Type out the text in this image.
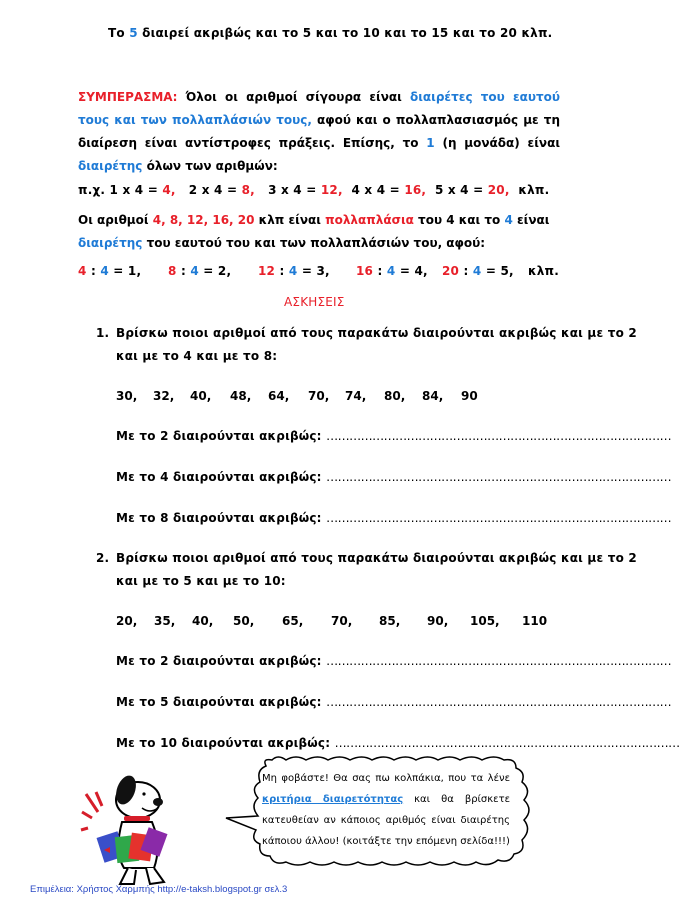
Το 5 διαιρεί ακριβώς και το 5 και το 10 και το 15 και το 20 κλπ.
ΣΥΜΠΕΡΑΣΜΑ: Όλοι οι αριθμοί σίγουρα είναι διαιρέτες του εαυτού τους και των πολλαπλάσιών τους, αφού και ο πολλαπλασιασμός με τη διαίρεση είναι αντίστροφες πράξεις. Επίσης, το 1 (η μονάδα) είναι διαιρέτης όλων των αριθμών:
π.χ. 1 x 4 = 4, 2 x 4 = 8, 3 x 4 = 12, 4 x 4 = 16, 5 x 4 = 20, κλπ.
Οι αριθμοί 4, 8, 12, 16, 20 κλπ είναι πολλαπλάσια του 4 και το 4 είναι
διαιρέτης του εαυτού του και των πολλαπλάσιών του, αφού:
4 : 4 = 1, 8 : 4 = 2, 12 : 4 = 3, 16 : 4 = 4, 20 : 4 = 5, κλπ.
ΑΣΚΗΣΕΙΣ
1. Βρίσκω ποιοι αριθμοί από τους παρακάτω διαιρούνται ακριβώς και με το 2
και με το 4 και με το 8:
30, 32, 40, 48, 64, 70, 74, 80, 84, 90
Με το 2 διαιρούνται ακριβώς: ………………………………………………………………………………
Με το 4 διαιρούνται ακριβώς: ………………………………………………………………………………
Με το 8 διαιρούνται ακριβώς: ………………………………………………………………………………
2. Βρίσκω ποιοι αριθμοί από τους παρακάτω διαιρούνται ακριβώς και με το 2
και με το 5 και με το 10:
20, 35, 40, 50, 65, 70, 85, 90, 105, 110
Με το 2 διαιρούνται ακριβώς: ………………………………………………………………………………
Με το 5 διαιρούνται ακριβώς: ………………………………………………………………………………
Με το 10 διαιρούνται ακριβώς: ………………………………………………………………………………
Μη φοβάστε! Θα σας πω κολπάκια, που τα λένε κριτήρια διαιρετότητας και θα βρίσκετε κατευθείαν αν κάποιος αριθμός είναι διαιρέτης κάποιου άλλου! (κοιτάξτε την επόμενη σελίδα!!!)
Επιμέλεια: Χρήστος Χαρμπής http://e-taksh.blogspot.gr σελ.3
